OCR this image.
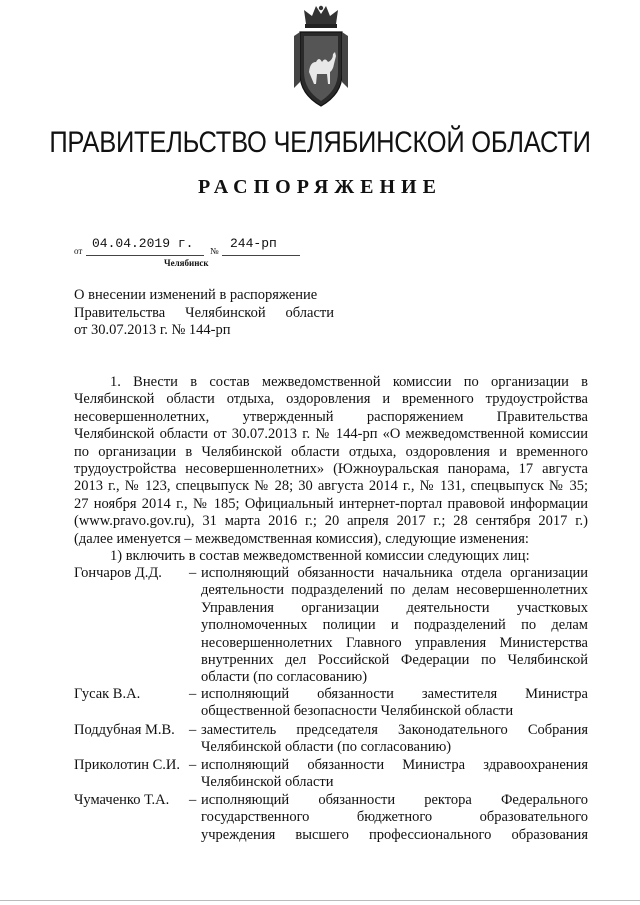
ПРАВИТЕЛЬСТВО ЧЕЛЯБИНСКОЙ ОБЛАСТИ
РАСПОРЯЖЕНИЕ
от 04.04.2019 г. № 244-рп
Челябинск
О внесении изменений в распоряжение
Правительства Челябинской области
от 30.07.2013 г. № 144-рп
1. Внести в состав межведомственной комиссии по организации в
Челябинской области отдыха, оздоровления и временного трудоустройства
несовершеннолетних, утвержденный распоряжением Правительства
Челябинской области от 30.07.2013 г. № 144-рп «О межведомственной комиссии
по организации в Челябинской области отдыха, оздоровления и временного
трудоустройства несовершеннолетних» (Южноуральская панорама, 17 августа
2013 г., № 123, спецвыпуск № 28; 30 августа 2014 г., № 131, спецвыпуск № 35;
27 ноября 2014 г., № 185; Официальный интернет-портал правовой информации
(www.pravo.gov.ru), 31 марта 2016 г.; 20 апреля 2017 г.; 28 сентября 2017 г.)
(далее именуется – межведомственная комиссия), следующие изменения:
1) включить в состав межведомственной комиссии следующих лиц:
Гончаров Д.Д. – исполняющий обязанности начальника отдела организации
деятельности подразделений по делам несовершеннолетних
Управления организации деятельности участковых
уполномоченных полиции и подразделений по делам
несовершеннолетних Главного управления Министерства
внутренних дел Российской Федерации по Челябинской
области (по согласованию)
Гусак В.А.	– исполняющий обязанности заместителя Министра
общественной безопасности Челябинской области
Поддубная М.В. – заместитель председателя Законодательного Собрания
Челябинской области (по согласованию)
Приколотин С.И. – исполняющий обязанности Министра здравоохранения
Челябинской области
Чумаченко Т.А. – исполняющий обязанности ректора Федерального
государственного бюджетного образовательного
учреждения высшего профессионального образования
